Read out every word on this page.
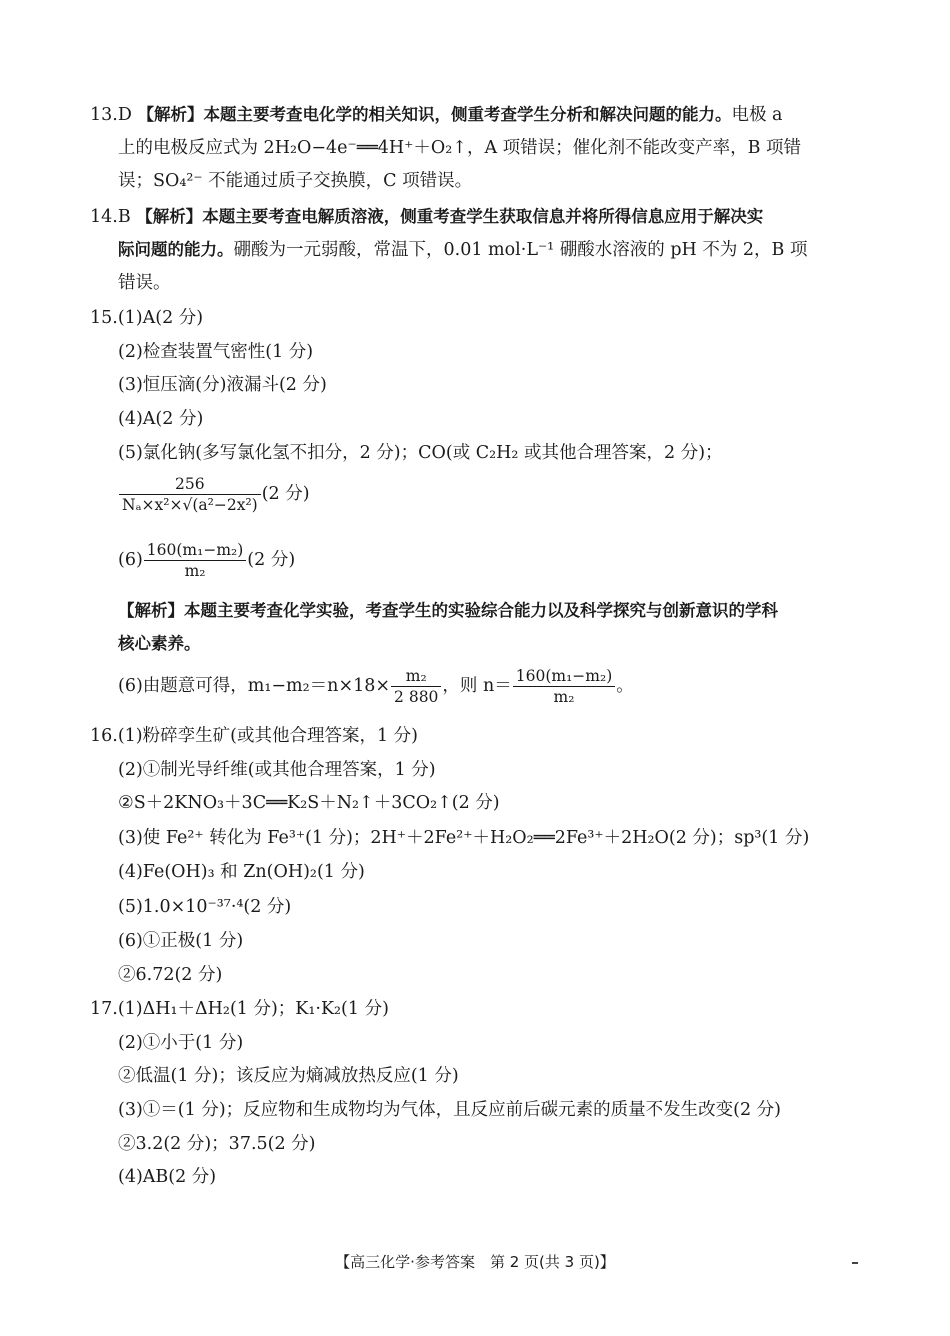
13.D 【解析】本题主要考查电化学的相关知识，侧重考查学生分析和解决问题的能力。电极 a
上的电极反应式为 2H₂O−4e⁻══4H⁺＋O₂↑，A 项错误；催化剂不能改变产率，B 项错
误；SO₄²⁻ 不能通过质子交换膜，C 项错误。
14.B 【解析】本题主要考查电解质溶液，侧重考查学生获取信息并将所得信息应用于解决实
际问题的能力。硼酸为一元弱酸，常温下，0.01 mol·L⁻¹ 硼酸水溶液的 pH 不为 2，B 项
错误。
15.(1)A(2 分)
(2)检查装置气密性(1 分)
(3)恒压滴(分)液漏斗(2 分)
(4)A(2 分)
(5)氯化钠(多写氯化氢不扣分，2 分)；CO(或 C₂H₂ 或其他合理答案，2 分)；
$\frac{256}{\text{Nₐ×x²×√(a²−2x²)}} (2$ 分)
$(6) \frac{\text{160(m₁−m₂)}}{\text{m₂}} (2$ 分)
【解析】本题主要考查化学实验，考查学生的实验综合能力以及科学探究与创新意识的学科
核心素养。
(6)由题意可得，$m_1-m_2=n\times 18\times \frac{\text{m₂}}{2 880}$ ，则 $n= \frac{\text{160(m₁−m₂)}}{\text{m₂}}$ 。
16.(1)粉碎孪生矿(或其他合理答案，1 分)
(2)①制光导纤维(或其他合理答案，1 分)
②S＋2KNO₃＋3C══K₂S＋N₂↑＋3CO₂↑(2 分)
(3)使 Fe²⁺ 转化为 Fe³⁺(1 分)；2H⁺＋2Fe²⁺＋H₂O₂══2Fe³⁺＋2H₂O(2 分)；sp³(1 分)
(4)Fe(OH)₃ 和 Zn(OH)₂(1 分)
(5)1.0×10⁻³⁷·⁴(2 分)
(6)①正极(1 分)
②6.72(2 分)
17.(1)ΔH₁＋ΔH₂(1 分)；K₁·K₂(1 分)
(2)①小于(1 分)
②低温(1 分)；该反应为熵减放热反应(1 分)
(3)①＝(1 分)；反应物和生成物均为气体，且反应前后碳元素的质量不发生改变(2 分)
②3.2(2 分)；37.5(2 分)
(4)AB(2 分)
【高三化学·参考答案　第 2 页(共 3 页)】
